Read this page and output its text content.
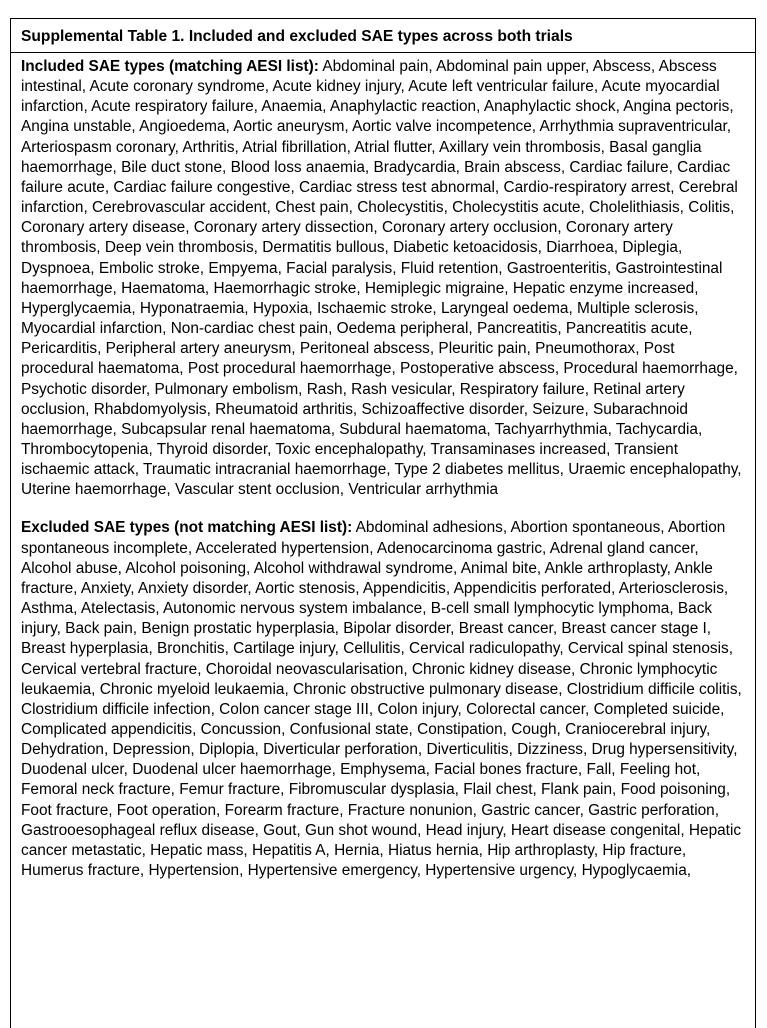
Supplemental Table 1. Included and excluded SAE types across both trials

Included SAE types (matching AESI list): Abdominal pain, Abdominal pain upper, Abscess, Abscess intestinal, Acute coronary syndrome, Acute kidney injury, Acute left ventricular failure, Acute myocardial infarction, Acute respiratory failure, Anaemia, Anaphylactic reaction, Anaphylactic shock, Angina pectoris, Angina unstable, Angioedema, Aortic aneurysm, Aortic valve incompetence, Arrhythmia supraventricular, Arteriospasm coronary, Arthritis, Atrial fibrillation, Atrial flutter, Axillary vein thrombosis, Basal ganglia haemorrhage, Bile duct stone, Blood loss anaemia, Bradycardia, Brain abscess, Cardiac failure, Cardiac failure acute, Cardiac failure congestive, Cardiac stress test abnormal, Cardio-respiratory arrest, Cerebral infarction, Cerebrovascular accident, Chest pain, Cholecystitis, Cholecystitis acute, Cholelithiasis, Colitis, Coronary artery disease, Coronary artery dissection, Coronary artery occlusion, Coronary artery thrombosis, Deep vein thrombosis, Dermatitis bullous, Diabetic ketoacidosis, Diarrhoea, Diplegia, Dyspnoea, Embolic stroke, Empyema, Facial paralysis, Fluid retention, Gastroenteritis, Gastrointestinal haemorrhage, Haematoma, Haemorrhagic stroke, Hemiplegic migraine, Hepatic enzyme increased, Hyperglycaemia, Hyponatraemia, Hypoxia, Ischaemic stroke, Laryngeal oedema, Multiple sclerosis, Myocardial infarction, Non-cardiac chest pain, Oedema peripheral, Pancreatitis, Pancreatitis acute, Pericarditis, Peripheral artery aneurysm, Peritoneal abscess, Pleuritic pain, Pneumothorax, Post procedural haematoma, Post procedural haemorrhage, Postoperative abscess, Procedural haemorrhage, Psychotic disorder, Pulmonary embolism, Rash, Rash vesicular, Respiratory failure, Retinal artery occlusion, Rhabdomyolysis, Rheumatoid arthritis, Schizoaffective disorder, Seizure, Subarachnoid haemorrhage, Subcapsular renal haematoma, Subdural haematoma, Tachyarrhythmia, Tachycardia, Thrombocytopenia, Thyroid disorder, Toxic encephalopathy, Transaminases increased, Transient ischaemic attack, Traumatic intracranial haemorrhage, Type 2 diabetes mellitus, Uraemic encephalopathy, Uterine haemorrhage, Vascular stent occlusion, Ventricular arrhythmia

Excluded SAE types (not matching AESI list): Abdominal adhesions, Abortion spontaneous, Abortion spontaneous incomplete, Accelerated hypertension, Adenocarcinoma gastric, Adrenal gland cancer, Alcohol abuse, Alcohol poisoning, Alcohol withdrawal syndrome, Animal bite, Ankle arthroplasty, Ankle fracture, Anxiety, Anxiety disorder, Aortic stenosis, Appendicitis, Appendicitis perforated, Arteriosclerosis, Asthma, Atelectasis, Autonomic nervous system imbalance, B-cell small lymphocytic lymphoma, Back injury, Back pain, Benign prostatic hyperplasia, Bipolar disorder, Breast cancer, Breast cancer stage I, Breast hyperplasia, Bronchitis, Cartilage injury, Cellulitis, Cervical radiculopathy, Cervical spinal stenosis, Cervical vertebral fracture, Choroidal neovascularisation, Chronic kidney disease, Chronic lymphocytic leukaemia, Chronic myeloid leukaemia, Chronic obstructive pulmonary disease, Clostridium difficile colitis, Clostridium difficile infection, Colon cancer stage III, Colon injury, Colorectal cancer, Completed suicide, Complicated appendicitis, Concussion, Confusional state, Constipation, Cough, Craniocerebral injury, Dehydration, Depression, Diplopia, Diverticular perforation, Diverticulitis, Dizziness, Drug hypersensitivity, Duodenal ulcer, Duodenal ulcer haemorrhage, Emphysema, Facial bones fracture, Fall, Feeling hot, Femoral neck fracture, Femur fracture, Fibromuscular dysplasia, Flail chest, Flank pain, Food poisoning, Foot fracture, Foot operation, Forearm fracture, Fracture nonunion, Gastric cancer, Gastric perforation, Gastrooesophageal reflux disease, Gout, Gun shot wound, Head injury, Heart disease congenital, Hepatic cancer metastatic, Hepatic mass, Hepatitis A, Hernia, Hiatus hernia, Hip arthroplasty, Hip fracture, Humerus fracture, Hypertension, Hypertensive emergency, Hypertensive urgency, Hypoglycaemia,
